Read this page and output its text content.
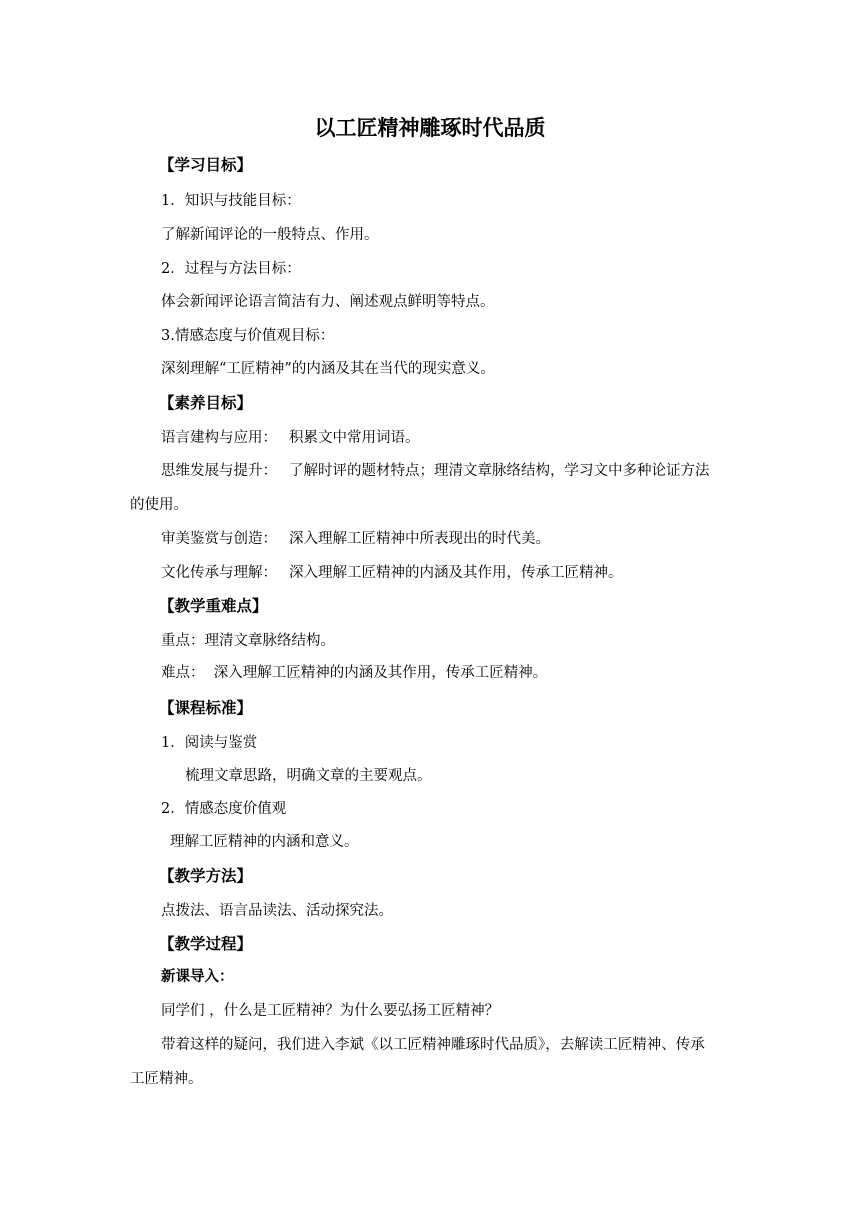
以工匠精神雕琢时代品质
【学习目标】
1．知识与技能目标：
了解新闻评论的一般特点、作用。
2．过程与方法目标：
体会新闻评论语言简洁有力、阐述观点鲜明等特点。
3.情感态度与价值观目标：
深刻理解“工匠精神”的内涵及其在当代的现实意义。
【素养目标】
语言建构与应用： 积累文中常用词语。
思维发展与提升： 了解时评的题材特点；理清文章脉络结构，学习文中多种论证方法
的使用。
审美鉴赏与创造： 深入理解工匠精神中所表现出的时代美。
文化传承与理解： 深入理解工匠精神的内涵及其作用，传承工匠精神。
【教学重难点】
重点：理清文章脉络结构。
难点：  深入理解工匠精神的内涵及其作用，传承工匠精神。
【课程标准】
1．阅读与鉴赏
梳理文章思路，明确文章的主要观点。
2．情感态度价值观
理解工匠精神的内涵和意义。
【教学方法】
点拨法、语言品读法、活动探究法。
【教学过程】
新课导入：
同学们 ，什么是工匠精神？为什么要弘扬工匠精神？
带着这样的疑问，我们进入李斌《以工匠精神雕琢时代品质》，去解读工匠精神、传承
工匠精神。
